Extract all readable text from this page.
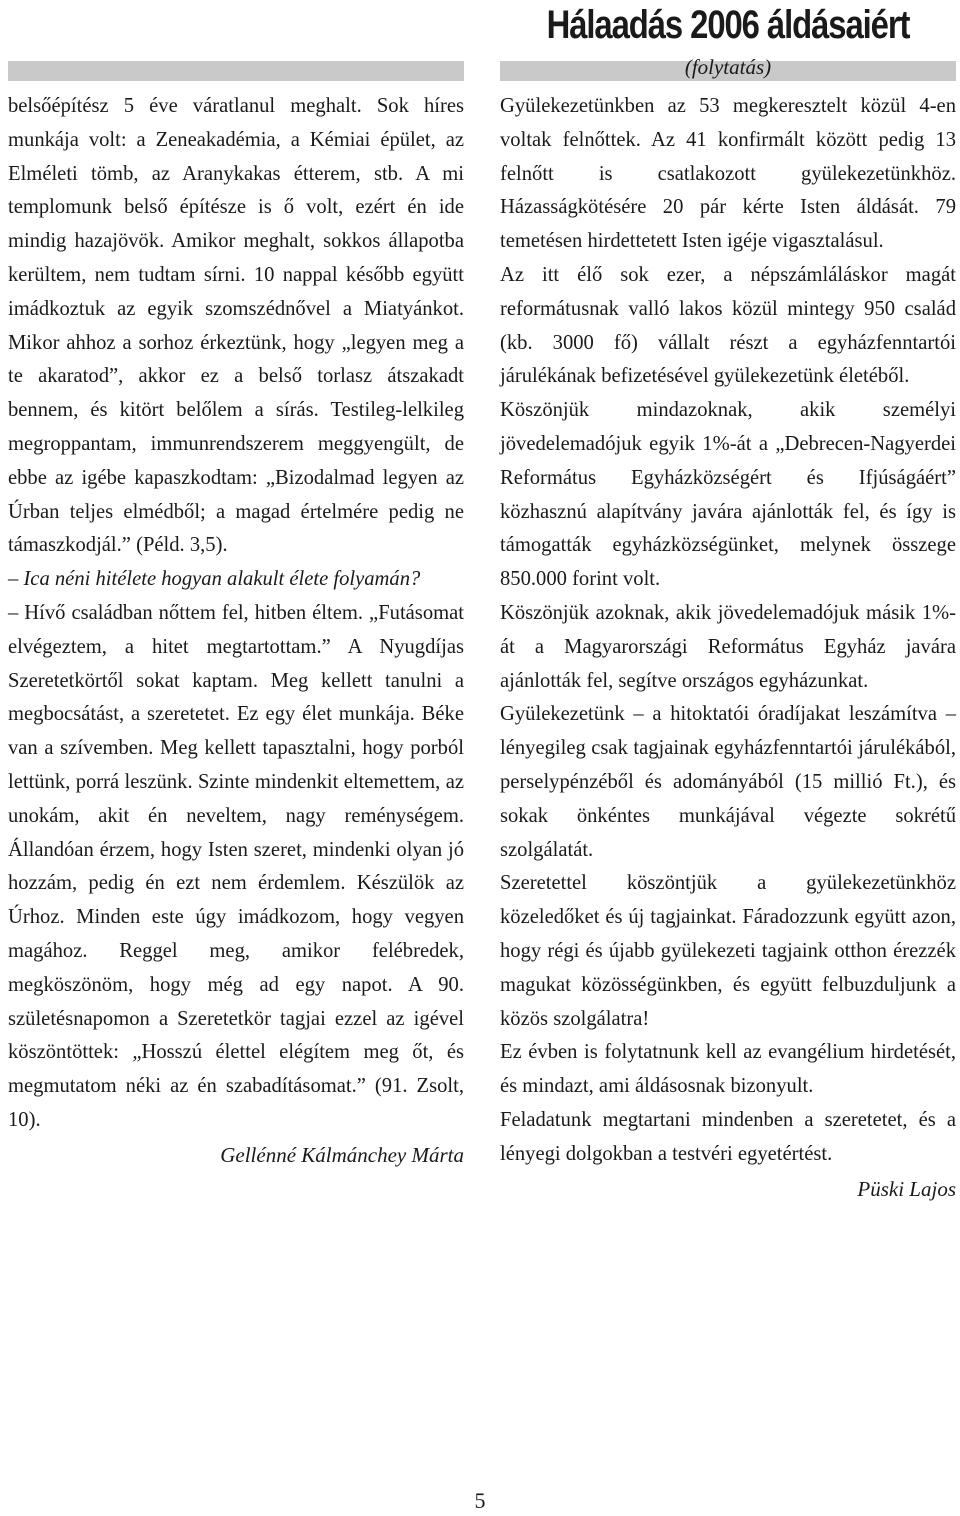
belsőépítész 5 éve váratlanul meghalt. Sok híres munkája volt: a Zeneakadémia, a Kémiai épület, az Elméleti tömb, az Aranykakas étterem, stb. A mi templomunk belső építésze is ő volt, ezért én ide mindig hazajövök. Amikor meghalt, sokkos állapotba kerültem, nem tudtam sírni. 10 nappal később együtt imádkoztuk az egyik szomszédnővel a Miatyánkot. Mikor ahhoz a sorhoz érkeztünk, hogy „legyen meg a te akaratod”, akkor ez a belső torlasz átszakadt bennem, és kitört belőlem a sírás. Testileg-lelkileg megroppantam, immunrendszerem meggyengült, de ebbe az igébe kapaszkodtam: „Bizodalmad legyen az Úrban teljes elmédből; a magad értelmére pedig ne támaszkodjál.” (Péld. 3,5).

– Ica néni hitélete hogyan alakult élete folyamán?

– Hívő családban nőttem fel, hitben éltem. „Futásomat elvégeztem, a hitet megtartottam.” A Nyugdíjas Szeretetkörtől sokat kaptam. Meg kellett tanulni a megbocsátást, a szeretetet. Ez egy élet munkája. Béke van a szívemben. Meg kellett tapasztalni, hogy porból lettünk, porrá leszünk. Szinte mindenkit eltemettem, az unokám, akit én neveltem, nagy reménységem. Állandóan érzem, hogy Isten szeret, mindenki olyan jó hozzám, pedig én ezt nem érdemlem. Készülök az Úrhoz. Minden este úgy imádkozom, hogy vegyen magához. Reggel meg, amikor felébredek, megköszönöm, hogy még ad egy napot. A 90. születésnapomon a Szeretetkör tagjai ezzel az igével köszöntöttek: „Hosszú élettel elégítem meg őt, és megmutatom néki az én szabadításomat.” (91. Zsolt, 10).

Gellénné Kálmánchey Márta

Hálaadás 2006 áldásaiért
(folytatás)

Gyülekezetünkben az 53 megkeresztelt közül 4-en voltak felnőttek. Az 41 konfirmált között pedig 13 felnőtt is csatlakozott gyülekezetünkhöz. Házasságkötésére 20 pár kérte Isten áldását. 79 temetésen hirdettetett Isten igéje vigasztalásul.

Az itt élő sok ezer, a népszámláláskor magát reformátusnak valló lakos közül mintegy 950 család (kb. 3000 fő) vállalt részt a egyházfenntartói járulékának befizetésével gyülekezetünk életéből.

Köszönjük mindazoknak, akik személyi jövedelemadójuk egyik 1%-át a „Debrecen-Nagyerdei Református Egyházközségért és Ifjúságáért” közhasznú alapítvány javára ajánlották fel, és így is támogatták egyházközségünket, melynek összege 850.000 forint volt.

Köszönjük azoknak, akik jövedelemadójuk másik 1%-át a Magyarországi Református Egyház javára ajánlották fel, segítve országos egyházunkat.

Gyülekezetünk – a hitoktatói óradíjakat leszámítva – lényegileg csak tagjainak egyházfenntartói járulékából, perselypénzéből és adományából (15 millió Ft.), és sokak önkéntes munkájával végezte sokrétű szolgálatát.

Szeretettel köszöntjük a gyülekezetünkhöz közeledőket és új tagjainkat. Fáradozzunk együtt azon, hogy régi és újabb gyülekezeti tagjaink otthon érezzék magukat közösségünkben, és együtt felbuzduljunk a közös szolgálatra!

Ez évben is folytatnunk kell az evangélium hirdetését, és mindazt, ami áldásosnak bizonyult.

Feladatunk megtartani mindenben a szeretetet, és a lényegi dolgokban a testvéri egyetértést.

Püski Lajos

5
